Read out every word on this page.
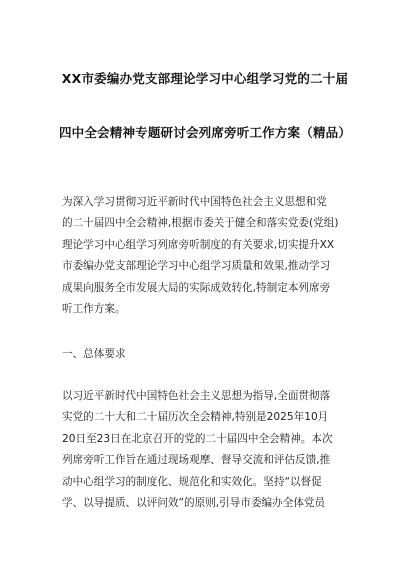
XX市委编办党支部理论学习中心组学习党的二十届
四中全会精神专题研讨会列席旁听工作方案（精品）
为深入学习贯彻习近平新时代中国特色社会主义思想和党
的二十届四中全会精神,根据市委关于健全和落实党委(党组)
理论学习中心组学习列席旁听制度的有关要求,切实提升XX
市委编办党支部理论学习中心组学习质量和效果,推动学习
成果向服务全市发展大局的实际成效转化,特制定本列席旁
听工作方案。
一、总体要求
以习近平新时代中国特色社会主义思想为指导,全面贯彻落
实党的二十大和二十届历次全会精神,特别是2025年10月
20日至23日在北京召开的党的二十届四中全会精神。本次
列席旁听工作旨在通过现场观摩、督导交流和评估反馈,推
动中心组学习的制度化、规范化和实效化。坚持“以督促
学、以导提质、以评问效”的原则,引导市委编办全体党员
